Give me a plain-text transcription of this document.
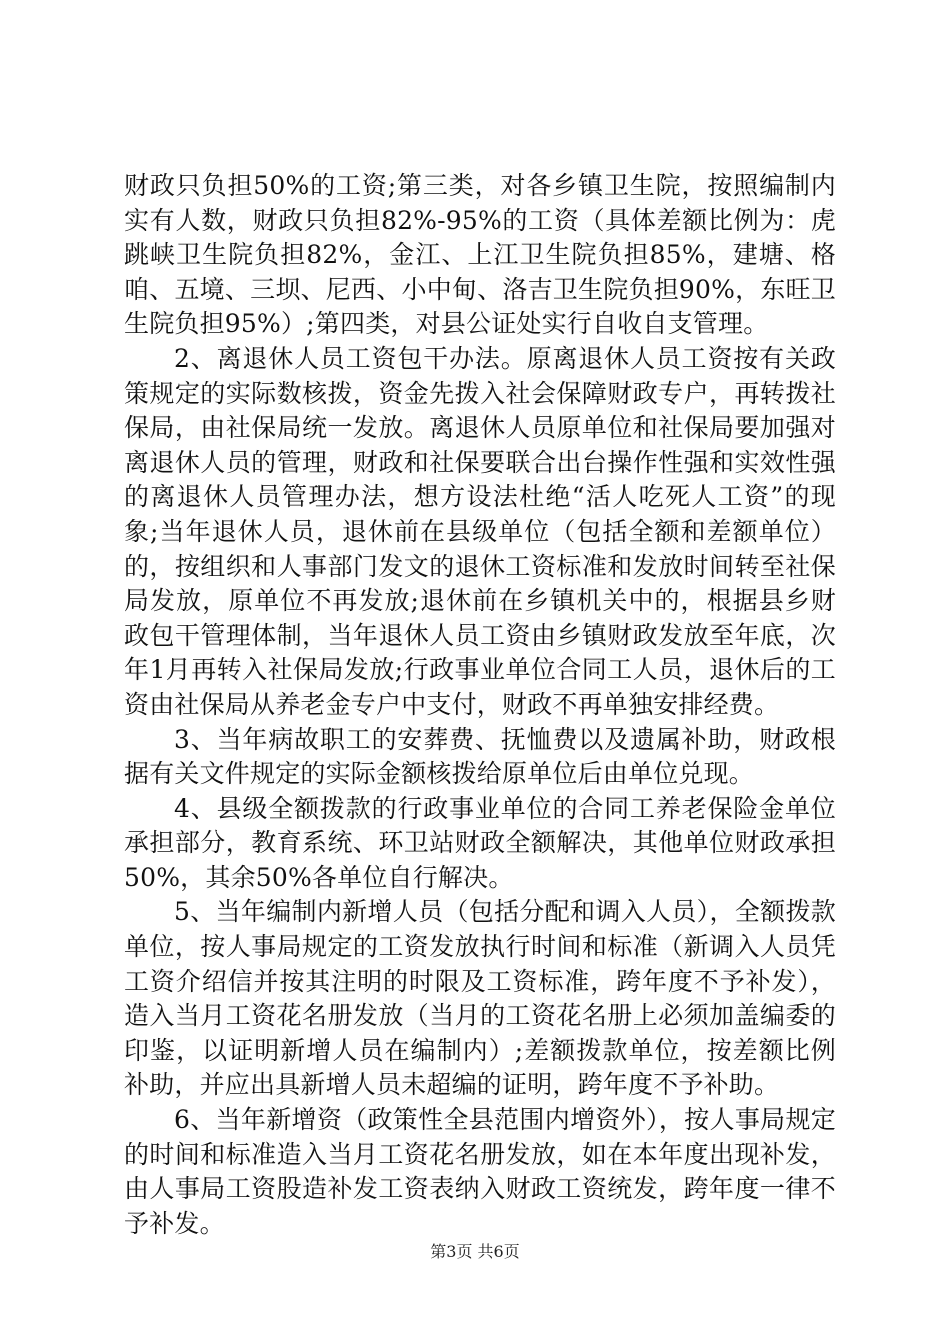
财政只负担50%的工资;第三类，对各乡镇卫生院，按照编制内实有人数，财政只负担82%-95%的工资（具体差额比例为：虎跳峡卫生院负担82%，金江、上江卫生院负担85%，建塘、格咱、五境、三坝、尼西、小中甸、洛吉卫生院负担90%，东旺卫生院负担95%）;第四类，对县公证处实行自收自支管理。

2、离退休人员工资包干办法。原离退休人员工资按有关政策规定的实际数核拨，资金先拨入社会保障财政专户，再转拨社保局，由社保局统一发放。离退休人员原单位和社保局要加强对离退休人员的管理，财政和社保要联合出台操作性强和实效性强的离退休人员管理办法，想方设法杜绝“活人吃死人工资”的现象;当年退休人员，退休前在县级单位（包括全额和差额单位）的，按组织和人事部门发文的退休工资标准和发放时间转至社保局发放，原单位不再发放;退休前在乡镇机关中的，根据县乡财政包干管理体制，当年退休人员工资由乡镇财政发放至年底，次年1月再转入社保局发放;行政事业单位合同工人员，退休后的工资由社保局从养老金专户中支付，财政不再单独安排经费。

3、当年病故职工的安葬费、抚恤费以及遗属补助，财政根据有关文件规定的实际金额核拨给原单位后由单位兑现。

4、县级全额拨款的行政事业单位的合同工养老保险金单位承担部分，教育系统、环卫站财政全额解决，其他单位财政承担50%，其余50%各单位自行解决。

5、当年编制内新增人员（包括分配和调入人员），全额拨款单位，按人事局规定的工资发放执行时间和标准（新调入人员凭工资介绍信并按其注明的时限及工资标准，跨年度不予补发），造入当月工资花名册发放（当月的工资花名册上必须加盖编委的印鉴，以证明新增人员在编制内）;差额拨款单位，按差额比例补助，并应出具新增人员未超编的证明，跨年度不予补助。

6、当年新增资（政策性全县范围内增资外），按人事局规定的时间和标准造入当月工资花名册发放，如在本年度出现补发，由人事局工资股造补发工资表纳入财政工资统发，跨年度一律不予补发。

第3页 共6页
